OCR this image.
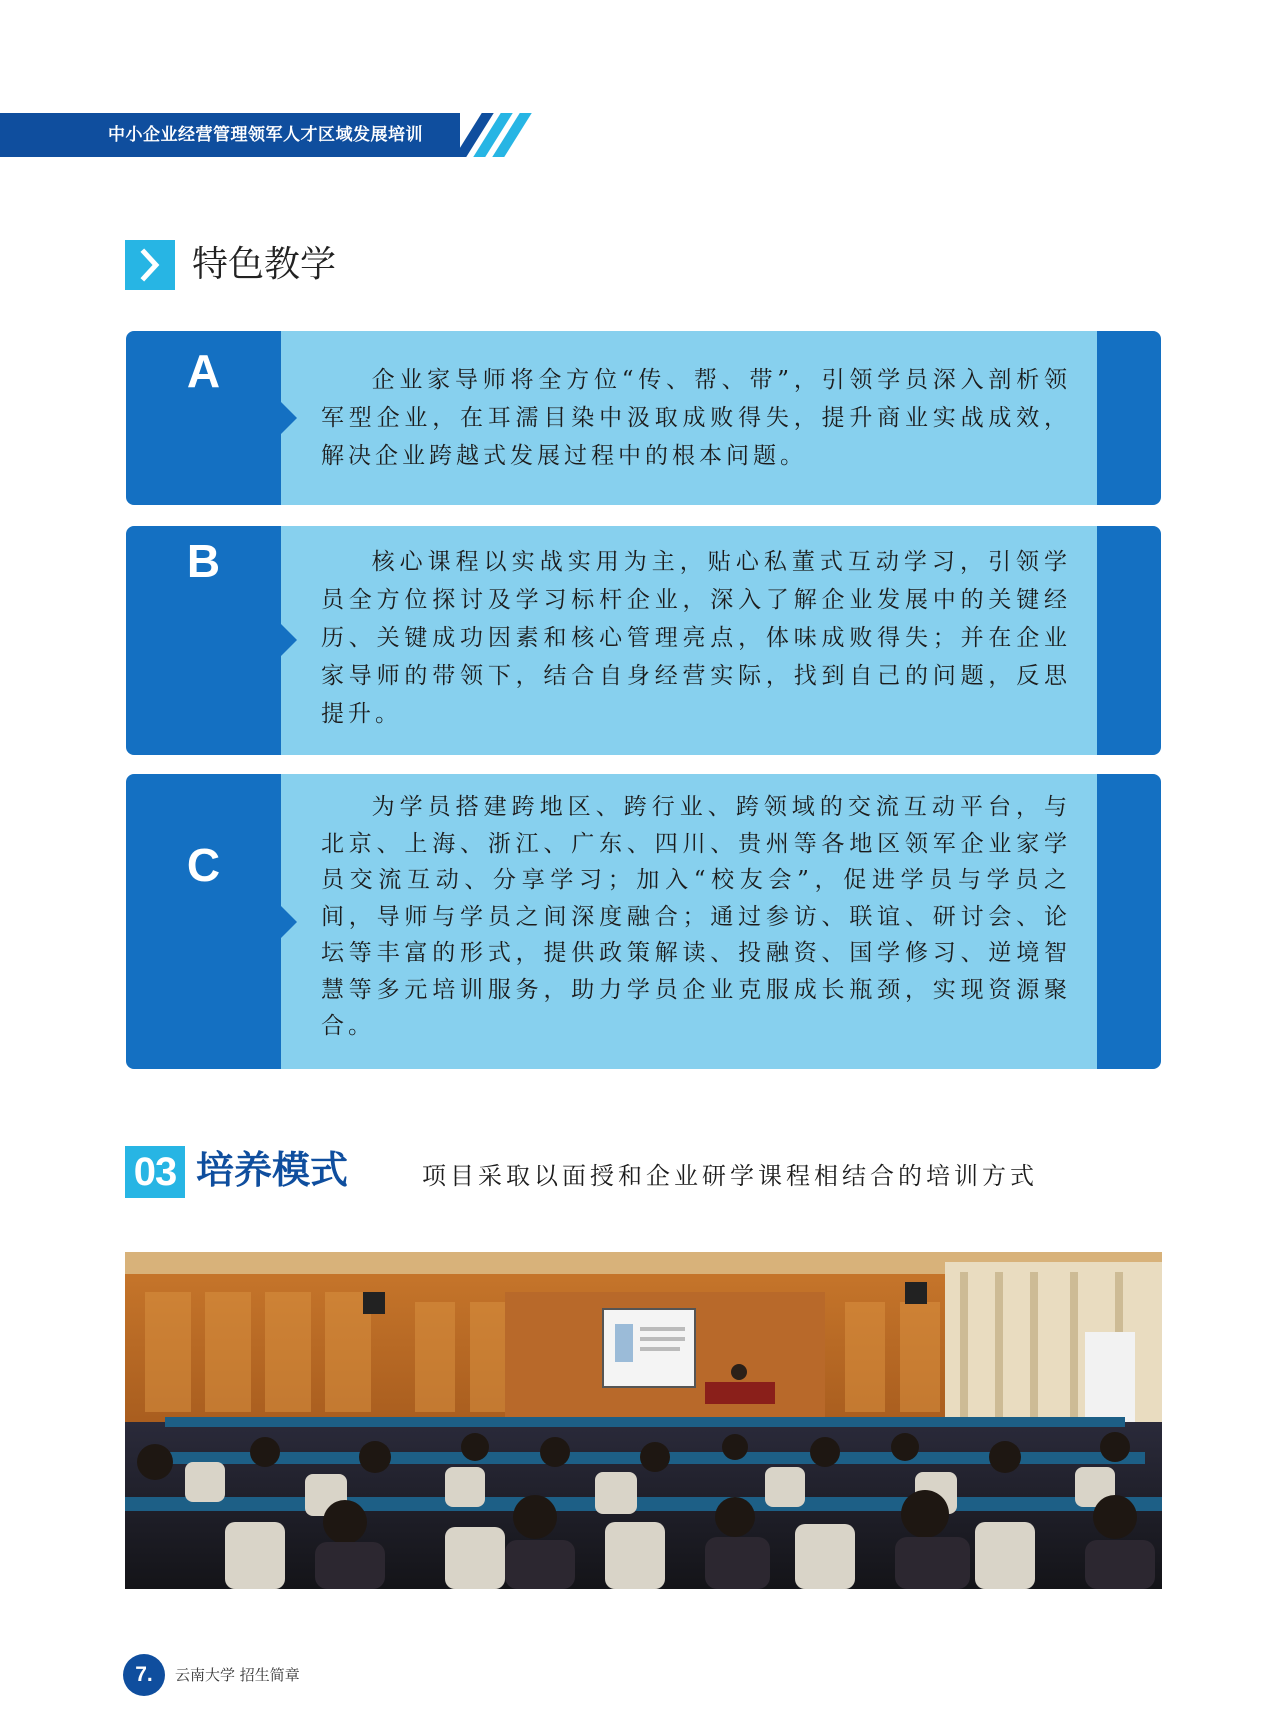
中小企业经营管理领军人才区域发展培训
特色教学
A	企业家导师将全方位“传、帮、带”，引领学员深入剖析领军型企业，在耳濡目染中汲取成败得失，提升商业实战成效，解决企业跨越式发展过程中的根本问题。

B	核心课程以实战实用为主，贴心私董式互动学习，引领学员全方位探讨及学习标杆企业，深入了解企业发展中的关键经历、关键成功因素和核心管理亮点，体味成败得失；并在企业家导师的带领下，结合自身经营实际，找到自己的问题，反思提升。

C

为学员搭建跨地区、跨行业、跨领域的交流互动平台，与北京、上海、浙江、广东、四川、贵州等各地区领军企业家学员交流互动、分享学习；加入“校友会”，促进学员与学员之间，导师与学员之间深度融合；通过参访、联谊、研讨会、论坛等丰富的形式，提供政策解读、投融资、国学修习、逆境智慧等多元培训服务，助力学员企业克服成长瓶颈，实现资源聚合。

03 培养模式	项目采取以面授和企业研学课程相结合的培训方式
7.	云南大学 招生简章
